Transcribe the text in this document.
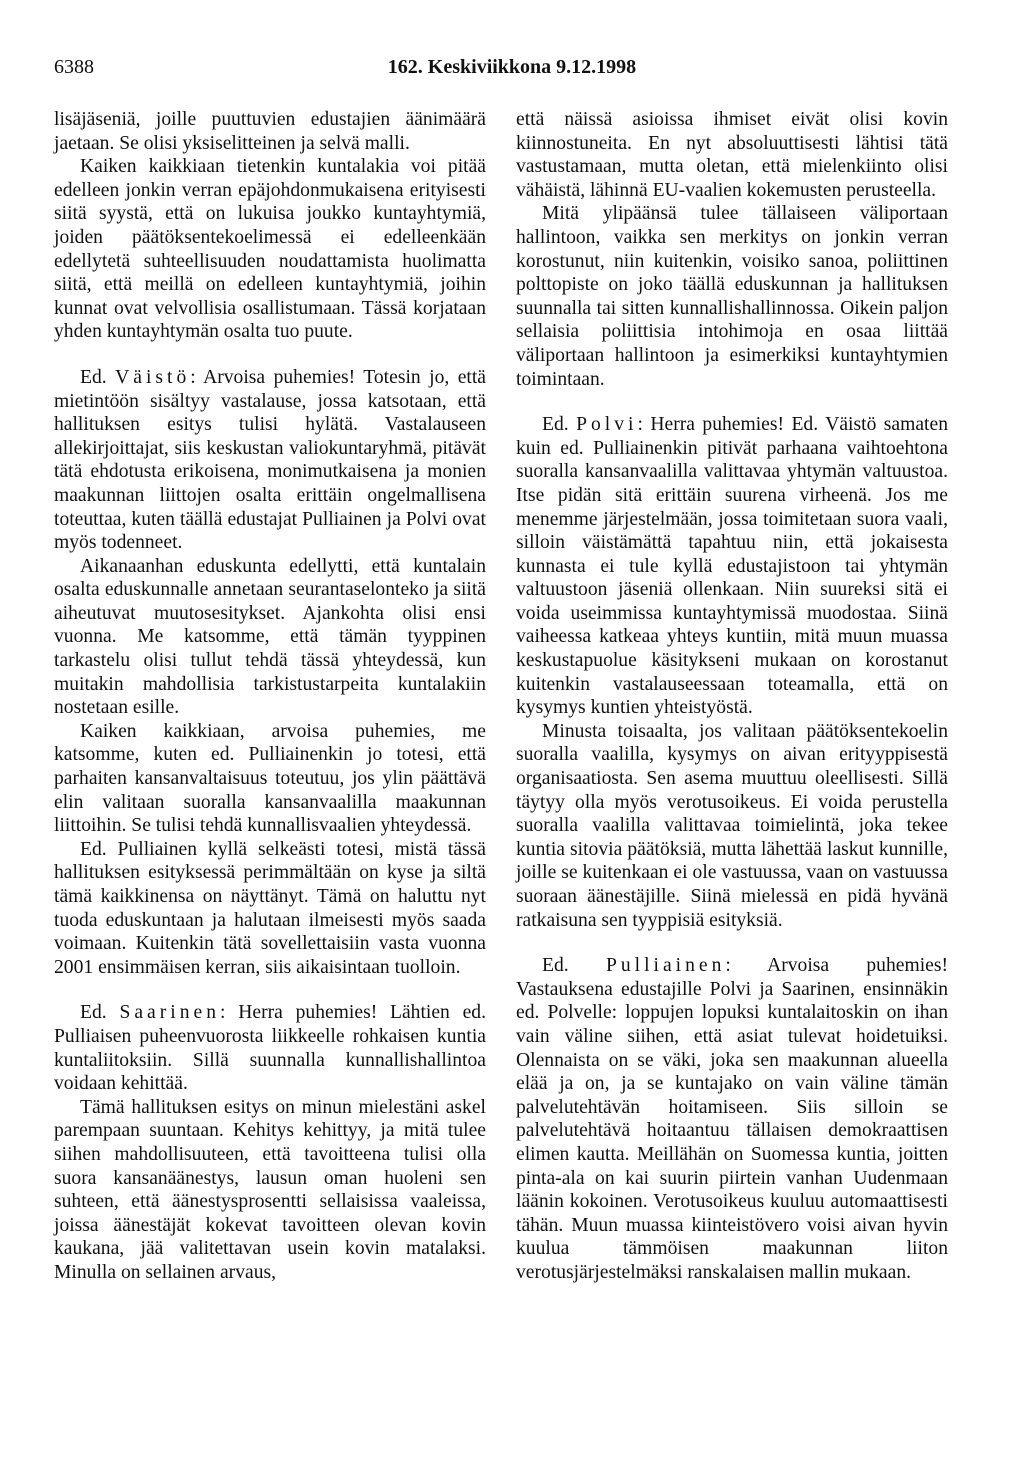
6388	162. Keskiviikkona 9.12.1998

lisäjäseniä, joille puuttuvien edustajien äänimäärä jaetaan. Se olisi yksiselitteinen ja selvä malli.

Kaiken kaikkiaan tietenkin kuntalakia voi pitää edelleen jonkin verran epäjohdonmukaisena erityisesti siitä syystä, että on lukuisa joukko kuntayhtymiä, joiden päätöksentekoelimessä ei edelleenkään edellytetä suhteellisuuden noudattamista huolimatta siitä, että meillä on edelleen kuntayhtymiä, joihin kunnat ovat velvollisia osallistumaan. Tässä korjataan yhden kuntayhtymän osalta tuo puute.

Ed. Väistö: Arvoisa puhemies! Totesin jo, että mietintöön sisältyy vastalause, jossa katsotaan, että hallituksen esitys tulisi hylätä. Vastalauseen allekirjoittajat, siis keskustan valiokuntaryhmä, pitävät tätä ehdotusta erikoisena, monimutkaisena ja monien maakunnan liittojen osalta erittäin ongelmallisena toteuttaa, kuten täällä edustajat Pulliainen ja Polvi ovat myös todenneet.

Aikanaanhan eduskunta edellytti, että kuntalain osalta eduskunnalle annetaan seurantaselonteko ja siitä aiheutuvat muutosesitykset. Ajankohta olisi ensi vuonna. Me katsomme, että tämän tyyppinen tarkastelu olisi tullut tehdä tässä yhteydessä, kun muitakin mahdollisia tarkistustarpeita kuntalakiin nostetaan esille.

Kaiken kaikkiaan, arvoisa puhemies, me katsomme, kuten ed. Pulliainenkin jo totesi, että parhaiten kansanvaltaisuus toteutuu, jos ylin päättävä elin valitaan suoralla kansanvaalilla maakunnan liittoihin. Se tulisi tehdä kunnallisvaalien yhteydessä.

Ed. Pulliainen kyllä selkeästi totesi, mistä tässä hallituksen esityksessä perimmältään on kyse ja siltä tämä kaikkinensa on näyttänyt. Tämä on haluttu nyt tuoda eduskuntaan ja halutaan ilmeisesti myös saada voimaan. Kuitenkin tätä sovellettaisiin vasta vuonna 2001 ensimmäisen kerran, siis aikaisintaan tuolloin.

Ed. Saarinen: Herra puhemies! Lähtien ed. Pulliaisen puheenvuorosta liikkeelle rohkaisen kuntia kuntaliitoksiin. Sillä suunnalla kunnallishallintoa voidaan kehittää.

Tämä hallituksen esitys on minun mielestäni askel parempaan suuntaan. Kehitys kehittyy, ja mitä tulee siihen mahdollisuuteen, että tavoitteena tulisi olla suora kansanäänestys, lausun oman huoleni sen suhteen, että äänestysprosentti sellaisissa vaaleissa, joissa äänestäjät kokevat tavoitteen olevan kovin kaukana, jää valitettavan usein kovin matalaksi. Minulla on sellainen arvaus,

että näissä asioissa ihmiset eivät olisi kovin kiinnostuneita. En nyt absoluuttisesti lähtisi tätä vastustamaan, mutta oletan, että mielenkiinto olisi vähäistä, lähinnä EU-vaalien kokemusten perusteella.

Mitä ylipäänsä tulee tällaiseen väliportaan hallintoon, vaikka sen merkitys on jonkin verran korostunut, niin kuitenkin, voisiko sanoa, poliittinen polttopiste on joko täällä eduskunnan ja hallituksen suunnalla tai sitten kunnallishallinnossa. Oikein paljon sellaisia poliittisia intohimoja en osaa liittää väliportaan hallintoon ja esimerkiksi kuntayhtymien toimintaan.

Ed. Polvi: Herra puhemies! Ed. Väistö samaten kuin ed. Pulliainenkin pitivät parhaana vaihtoehtona suoralla kansanvaalilla valittavaa yhtymän valtuustoa. Itse pidän sitä erittäin suurena virheenä. Jos me menemme järjestelmään, jossa toimitetaan suora vaali, silloin väistämättä tapahtuu niin, että jokaisesta kunnasta ei tule kyllä edustajistoon tai yhtymän valtuustoon jäseniä ollenkaan. Niin suureksi sitä ei voida useimmissa kuntayhtymissä muodostaa. Siinä vaiheessa katkeaa yhteys kuntiin, mitä muun muassa keskustapuolue käsitykseni mukaan on korostanut kuitenkin vastalauseessaan toteamalla, että on kysymys kuntien yhteistyöstä.

Minusta toisaalta, jos valitaan päätöksentekoelin suoralla vaalilla, kysymys on aivan erityyppisestä organisaatiosta. Sen asema muuttuu oleellisesti. Sillä täytyy olla myös verotusoikeus. Ei voida perustella suoralla vaalilla valittavaa toimielintä, joka tekee kuntia sitovia päätöksiä, mutta lähettää laskut kunnille, joille se kuitenkaan ei ole vastuussa, vaan on vastuussa suoraan äänestäjille. Siinä mielessä en pidä hyvänä ratkaisuna sen tyyppisiä esityksiä.

Ed. Pulliainen: Arvoisa puhemies! Vastauksena edustajille Polvi ja Saarinen, ensinnäkin ed. Polvelle: loppujen lopuksi kuntalaitoskin on ihan vain väline siihen, että asiat tulevat hoidetuiksi. Olennaista on se väki, joka sen maakunnan alueella elää ja on, ja se kuntajako on vain väline tämän palvelutehtävän hoitamiseen. Siis silloin se palvelutehtävä hoitaantuu tällaisen demokraattisen elimen kautta. Meillähän on Suomessa kuntia, joitten pinta-ala on kai suurin piirtein vanhan Uudenmaan läänin kokoinen. Verotusoikeus kuuluu automaattisesti tähän. Muun muassa kiinteistövero voisi aivan hyvin kuulua tämmöisen maakunnan liiton verotusjärjestelmäksi ranskalaisen mallin mukaan.
